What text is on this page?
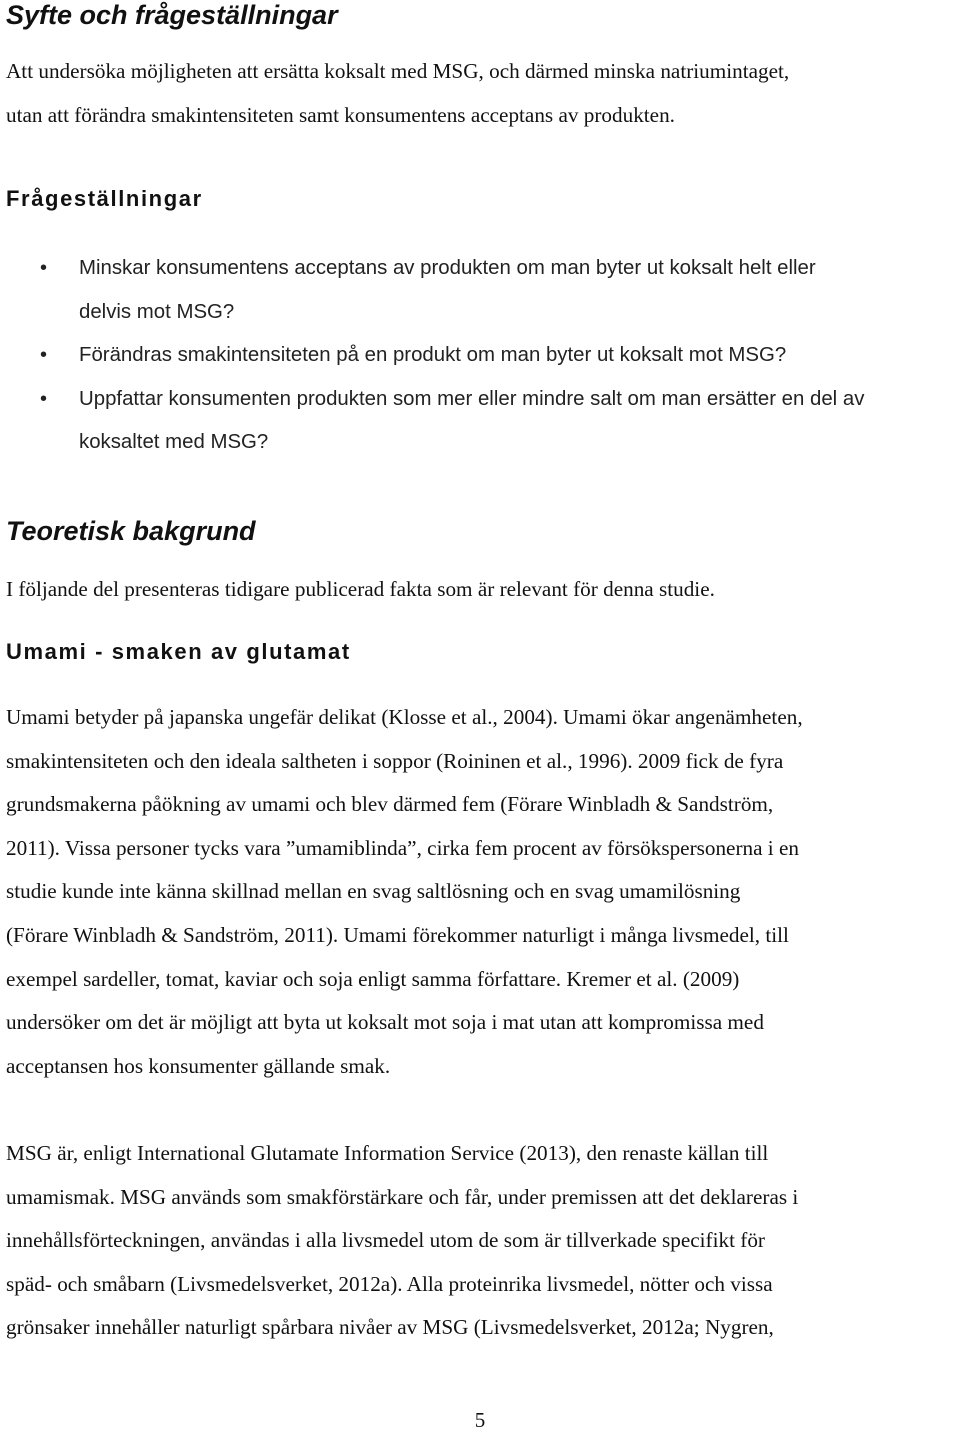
Syfte och frågeställningar

Att undersöka möjligheten att ersätta koksalt med MSG, och därmed minska natriumintaget,
utan att förändra smakintensiteten samt konsumentens acceptans av produkten.

Frågeställningar
• Minskar konsumentens acceptans av produkten om man byter ut koksalt helt eller
delvis mot MSG?
• Förändras smakintensiteten på en produkt om man byter ut koksalt mot MSG?
• Uppfattar konsumenten produkten som mer eller mindre salt om man ersätter en del av
koksaltet med MSG?
Teoretisk bakgrund

I följande del presenteras tidigare publicerad fakta som är relevant för denna studie.

Umami - smaken av glutamat

Umami betyder på japanska ungefär delikat (Klosse et al., 2004). Umami ökar angenämheten,
smakintensiteten och den ideala saltheten i soppor (Roininen et al., 1996). 2009 fick de fyra
grundsmakerna påökning av umami och blev därmed fem (Förare Winbladh & Sandström,
2011). Vissa personer tycks vara ”umamiblinda”, cirka fem procent av försökspersonerna i en
studie kunde inte känna skillnad mellan en svag saltlösning och en svag umamilösning
(Förare Winbladh & Sandström, 2011). Umami förekommer naturligt i många livsmedel, till
exempel sardeller, tomat, kaviar och soja enligt samma författare. Kremer et al. (2009)
undersöker om det är möjligt att byta ut koksalt mot soja i mat utan att kompromissa med
acceptansen hos konsumenter gällande smak.

MSG är, enligt International Glutamate Information Service (2013), den renaste källan till
umamismak. MSG används som smakförstärkare och får, under premissen att det deklareras i
innehållsförteckningen, användas i alla livsmedel utom de som är tillverkade specifikt för
späd- och småbarn (Livsmedelsverket, 2012a). Alla proteinrika livsmedel, nötter och vissa
grönsaker innehåller naturligt spårbara nivåer av MSG (Livsmedelsverket, 2012a; Nygren,

5
